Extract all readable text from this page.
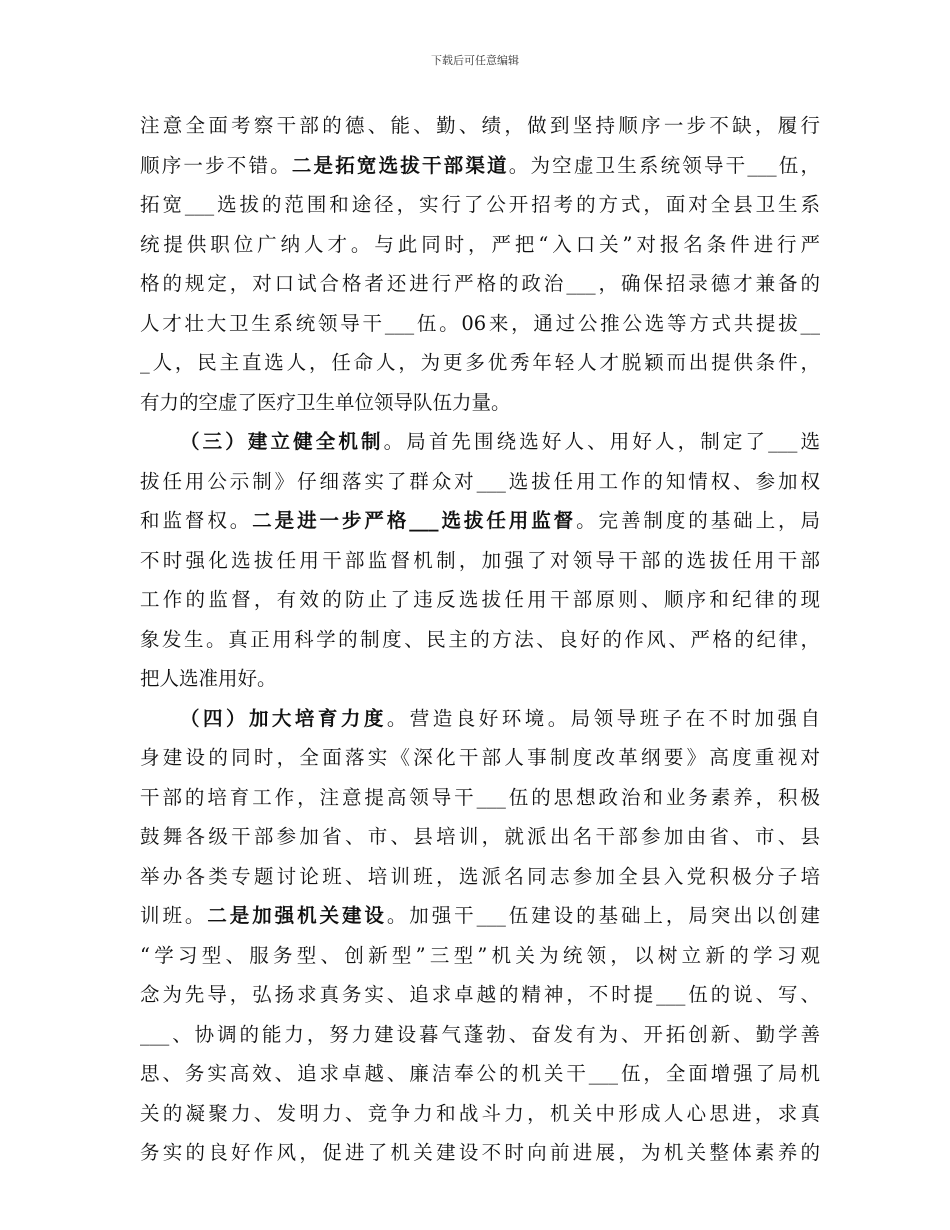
下载后可任意编辑
注意全面考察干部的德、能、勤、绩，做到坚持顺序一步不缺，履行
顺序一步不错。二是拓宽选拔干部渠道。为空虚卫生系统领导干___伍，
拓宽___选拔的范围和途径，实行了公开招考的方式，面对全县卫生系
统提供职位广纳人才。与此同时，严把“入口关”对报名条件进行严
格的规定，对口试合格者还进行严格的政治___，确保招录德才兼备的
人才壮大卫生系统领导干___伍。06来，通过公推公选等方式共提拔__
_人，民主直选人，任命人，为更多优秀年轻人才脱颖而出提供条件，
有力的空虚了医疗卫生单位领导队伍力量。
（三）建立健全机制。局首先围绕选好人、用好人，制定了___选
拔任用公示制》仔细落实了群众对___选拔任用工作的知情权、参加权
和监督权。二是进一步严格___选拔任用监督。完善制度的基础上，局
不时强化选拔任用干部监督机制，加强了对领导干部的选拔任用干部
工作的监督，有效的防止了违反选拔任用干部原则、顺序和纪律的现
象发生。真正用科学的制度、民主的方法、良好的作风、严格的纪律，
把人选准用好。
（四）加大培育力度。营造良好环境。局领导班子在不时加强自
身建设的同时，全面落实《深化干部人事制度改革纲要》高度重视对
干部的培育工作，注意提高领导干___伍的思想政治和业务素养，积极
鼓舞各级干部参加省、市、县培训，就派出名干部参加由省、市、县
举办各类专题讨论班、培训班，选派名同志参加全县入党积极分子培
训班。二是加强机关建设。加强干___伍建设的基础上，局突出以创建
“学习型、服务型、创新型”三型”机关为统领，以树立新的学习观
念为先导，弘扬求真务实、追求卓越的精神，不时提___伍的说、写、
___、协调的能力，努力建设暮气蓬勃、奋发有为、开拓创新、勤学善
思、务实高效、追求卓越、廉洁奉公的机关干___伍，全面增强了局机
关的凝聚力、发明力、竞争力和战斗力，机关中形成人心思进，求真
务实的良好作风，促进了机关建设不时向前进展，为机关整体素养的
